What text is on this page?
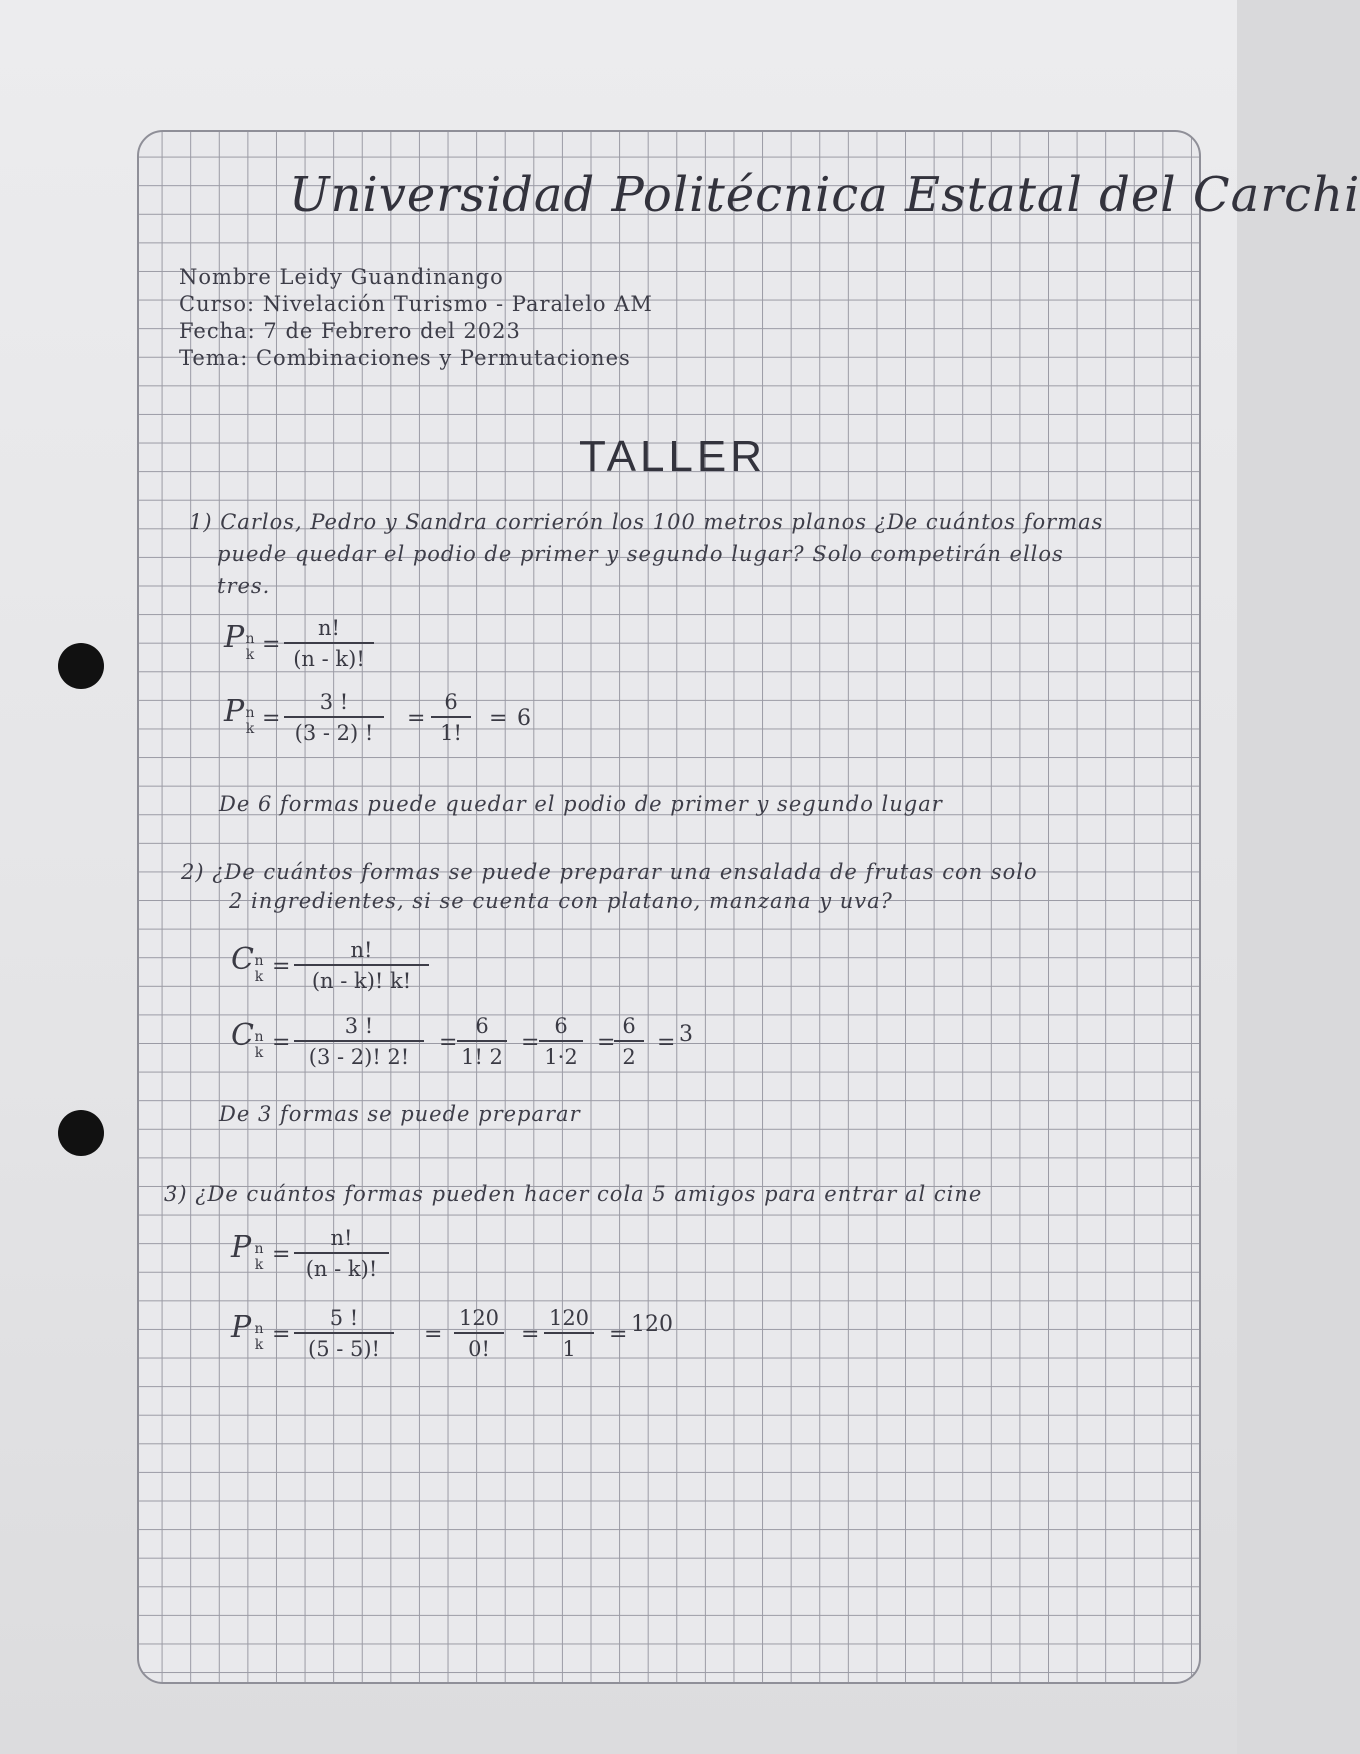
Universidad Politécnica Estatal del Carchi
Nombre Leidy Guandinango
Curso: Nivelación Turismo - Paralelo AM
Fecha: 7 de Febrero del 2023
Tema: Combinaciones y Permutaciones
TALLER
1) Carlos, Pedro y Sandra corrierón los 100 metros planos ¿De cuántos formas
puede quedar el podio de primer y segundo lugar? Solo competirán ellos
tres.
P n
$k = \frac{n!}{(n - k)!}$
P n
$k = \frac{3 !}{(3 - 2) !} = \frac{6}{1!} = 6$
De 6 formas puede quedar el podio de primer y segundo lugar
2) ¿De cuántos formas se puede preparar una ensalada de frutas con solo
2 ingredientes, si se cuenta con platano, manzana y uva?
C n
$k = \frac{n!}{(n - k)! k!}$
C n
$k = \frac{3 !}{(3 - 2)! 2!} = \frac{6}{1! 2} = \frac{6}{1\cdot 2}$ =
$\frac{6}{2} = 3$
De 3 formas se puede preparar
3) ¿De cuántos formas pueden hacer cola 5 amigos para entrar al cine
P n
$k = \frac{n!}{(n - k)!}$
P n
$k = \frac{5 !}{(5 - 5)!} = \frac{120}{0!} = \frac{120}{1} = 120$
